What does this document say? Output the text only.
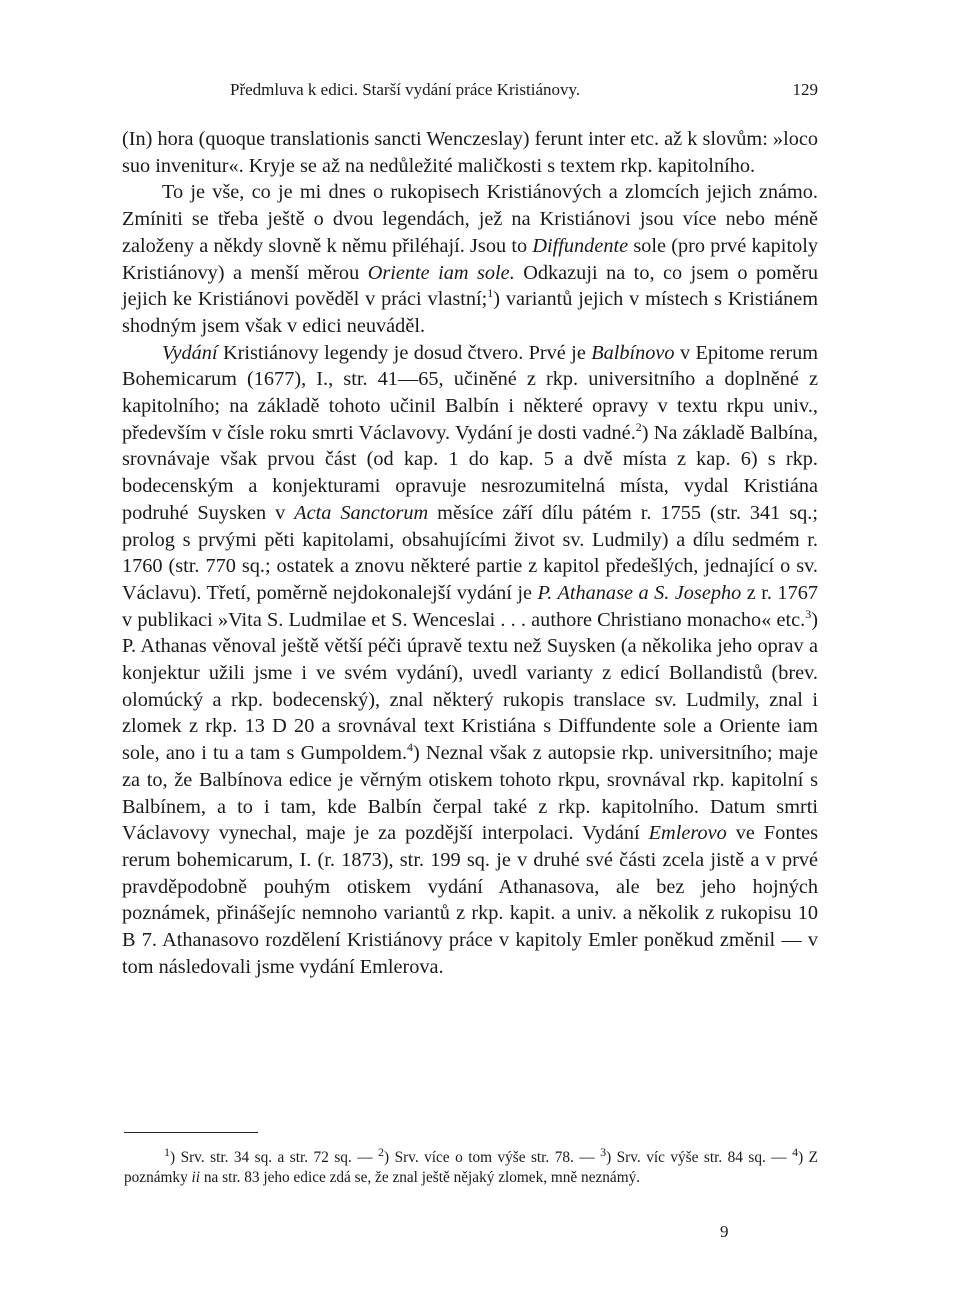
Předmluva k edici. Starší vydání práce Kristiánovy.	129

(In) hora (quoque translationis sancti Wenczeslay) ferunt inter etc. až k slovům: »loco suo invenitur«. Kryje se až na nedůležité maličkosti s textem rkp. kapitolního.

To je vše, co je mi dnes o rukopisech Kristiánových a zlomcích jejich známo. Zmíniti se třeba ještě o dvou legendách, jež na Kristiánovi jsou více nebo méně založeny a někdy slovně k němu přiléhají. Jsou to Diffundente sole (pro prvé kapitoly Kristiánovy) a menší měrou Oriente iam sole. Odkazuji na to, co jsem o poměru jejich ke Kristiánovi pověděl v práci vlastní;$^1$) variantů jejich v místech s Kristiánem shodným jsem však v edici neuváděl.

Vydání Kristiánovy legendy je dosud čtvero. Prvé je Balbínovo v Epitome rerum Bohemicarum (1677), I., str. 41—65, učiněné z rkp. universitního a doplněné z kapitolního; na základě tohoto učinil Balbín i některé opravy v textu rkpu univ., především v čísle roku smrti Václavovy. Vydání je dosti vadné.$^2$) Na základě Balbína, srovnávaje však prvou část (od kap. 1 do kap. 5 a dvě místa z kap. 6) s rkp. bodecenským a konjekturami opravuje nesrozumitelná místa, vydal Kristiána podruhé Suysken v Acta Sanctorum měsíce září dílu pátém r. 1755 (str. 341 sq.; prolog s prvými pěti kapitolami, obsahujícími život sv. Ludmily) a dílu sedmém r. 1760 (str. 770 sq.; ostatek a znovu některé partie z kapitol předešlých, jednající o sv. Václavu). Třetí, poměrně nejdokonalejší vydání je P. Athanase a S. Josepho z r. 1767 v publikaci »Vita S. Ludmilae et S. Wenceslai . . . authore Christiano monacho« etc.$^3$) P. Athanas věnoval ještě větší péči úpravě textu než Suysken (a několika jeho oprav a konjektur užili jsme i ve svém vydání), uvedl varianty z edicí Bollandistů (brev. olomúcký a rkp. bodecenský), znal některý rukopis translace sv. Ludmily, znal i zlomek z rkp. 13 D 20 a srovnával text Kristiána s Diffundente sole a Oriente iam sole, ano i tu a tam s Gumpoldem.$^4$) Neznal však z autopsie rkp. universitního; maje za to, že Balbínova edice je věrným otiskem tohoto rkpu, srovnával rkp. kapitolní s Balbínem, a to i tam, kde Balbín čerpal také z rkp. kapitolního. Datum smrti Václavovy vynechal, maje je za pozdější interpolaci. Vydání Emlerovo ve Fontes rerum bohemicarum, I. (r. 1873), str. 199 sq. je v druhé své části zcela jistě a v prvé pravděpodobně pouhým otiskem vydání Athanasova, ale bez jeho hojných poznámek, přinášejíc nemnoho variantů z rkp. kapit. a univ. a několik z rukopisu 10 B 7. Athanasovo rozdělení Kristiánovy práce v kapitoly Emler poněkud změnil — v tom následovali jsme vydání Emlerova.

$^1$) Srv. str. 34 sq. a str. 72 sq. — $^2$) Srv. více o tom výše str. 78. — $^3$) Srv. víc výše str. 84 sq. — $^4$) Z poznámky ii na str. 83 jeho edice zdá se, že znal ještě nějaký zlomek, mně neznámý.

9
